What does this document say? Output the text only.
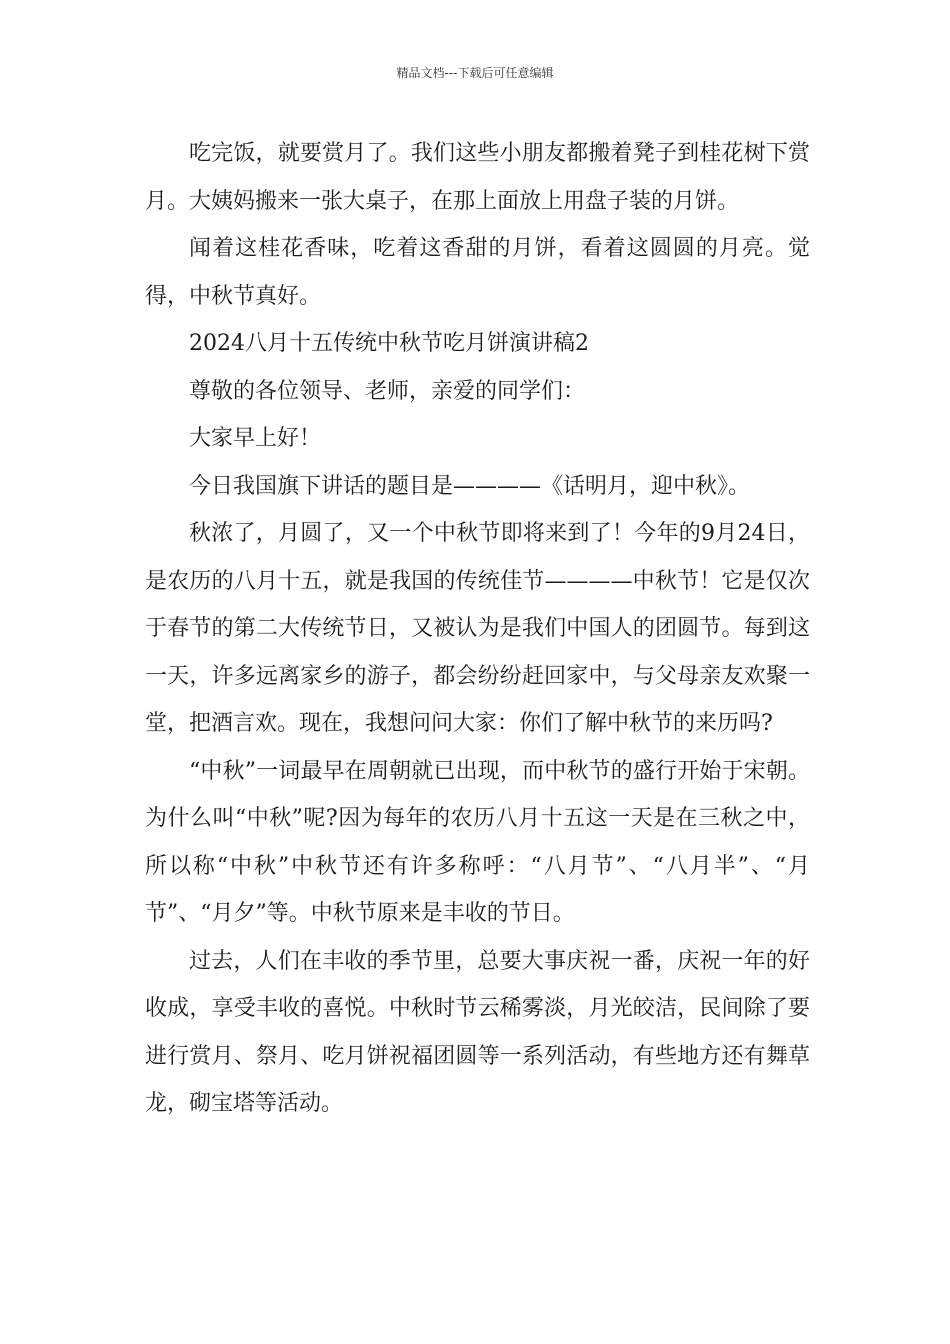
精品文档---下载后可任意编辑

吃完饭，就要赏月了。我们这些小朋友都搬着凳子到桂花树下赏月。大姨妈搬来一张大桌子，在那上面放上用盘子装的月饼。

闻着这桂花香味，吃着这香甜的月饼，看着这圆圆的月亮。觉得，中秋节真好。

2024八月十五传统中秋节吃月饼演讲稿2

尊敬的各位领导、老师，亲爱的同学们：

大家早上好！

今日我国旗下讲话的题目是————《话明月，迎中秋》。

秋浓了，月圆了，又一个中秋节即将来到了！今年的9月24日，是农历的八月十五，就是我国的传统佳节————中秋节！它是仅次于春节的第二大传统节日，又被认为是我们中国人的团圆节。每到这一天，许多远离家乡的游子，都会纷纷赶回家中，与父母亲友欢聚一堂，把酒言欢。现在，我想问问大家：你们了解中秋节的来历吗?

“中秋”一词最早在周朝就已出现，而中秋节的盛行开始于宋朝。为什么叫“中秋”呢?因为每年的农历八月十五这一天是在三秋之中，所以称“中秋”中秋节还有许多称呼：“八月节”、“八月半”、“月节”、“月夕”等。中秋节原来是丰收的节日。

过去，人们在丰收的季节里，总要大事庆祝一番，庆祝一年的好收成，享受丰收的喜悦。中秋时节云稀雾淡，月光皎洁，民间除了要进行赏月、祭月、吃月饼祝福团圆等一系列活动，有些地方还有舞草龙，砌宝塔等活动。
